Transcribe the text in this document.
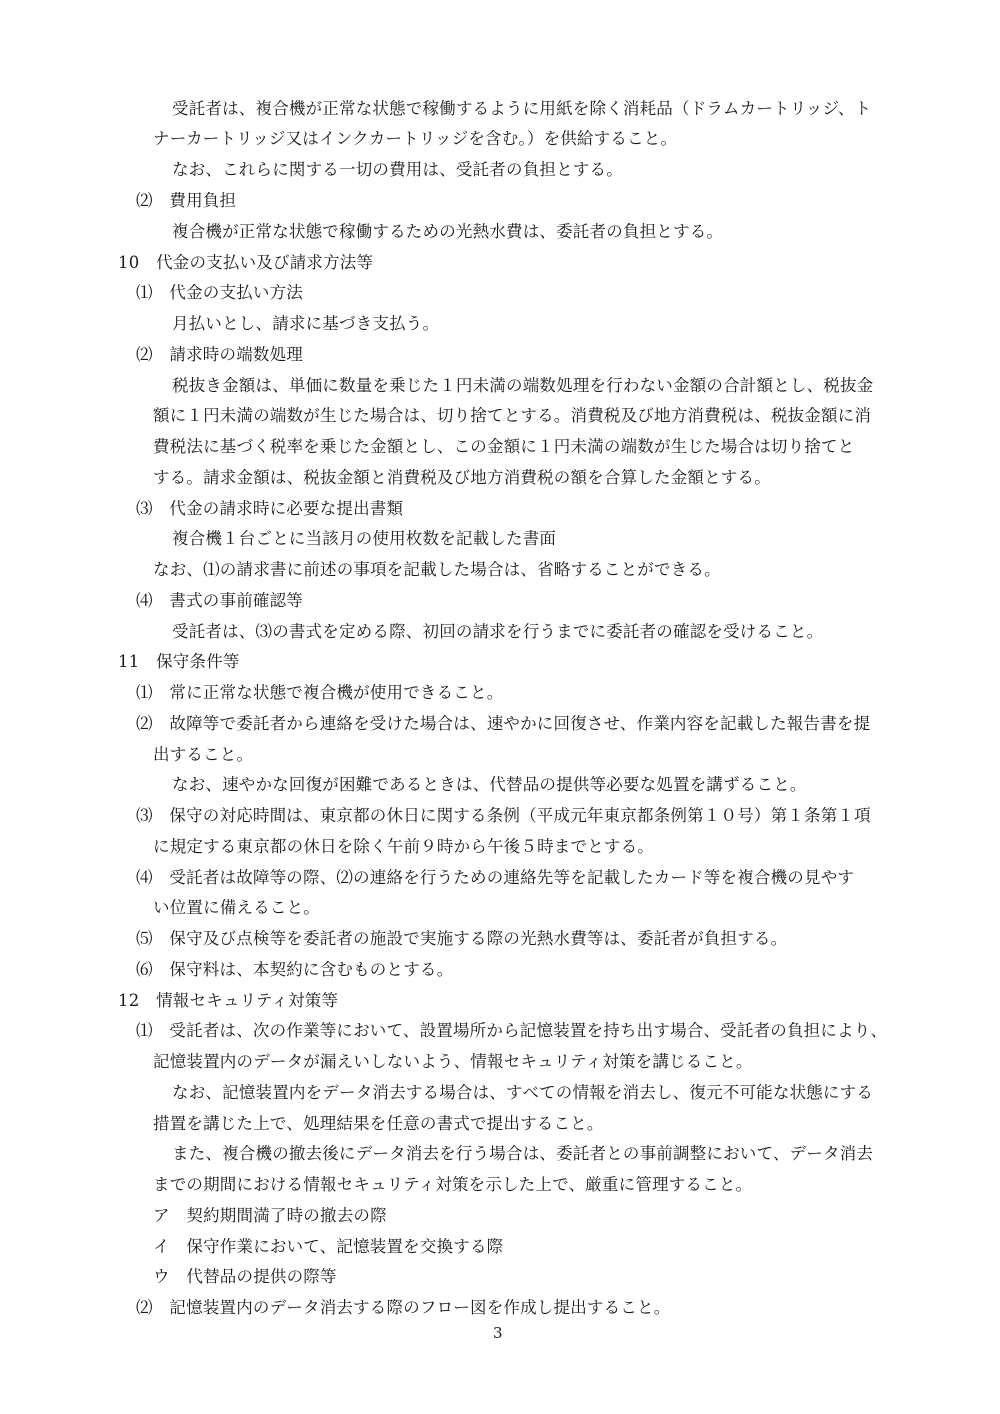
受託者は、複合機が正常な状態で稼働するように用紙を除く消耗品（ドラムカートリッジ、ト
ナーカートリッジ又はインクカートリッジを含む。）を供給すること。
なお、これらに関する一切の費用は、受託者の負担とする。
⑵　費用負担
複合機が正常な状態で稼働するための光熱水費は、委託者の負担とする。
10　代金の支払い及び請求方法等
⑴　代金の支払い方法
月払いとし、請求に基づき支払う。
⑵　請求時の端数処理
税抜き金額は、単価に数量を乗じた１円未満の端数処理を行わない金額の合計額とし、税抜金
額に１円未満の端数が生じた場合は、切り捨てとする。消費税及び地方消費税は、税抜金額に消
費税法に基づく税率を乗じた金額とし、この金額に１円未満の端数が生じた場合は切り捨てと
する。請求金額は、税抜金額と消費税及び地方消費税の額を合算した金額とする。
⑶　代金の請求時に必要な提出書類
複合機１台ごとに当該月の使用枚数を記載した書面
なお、⑴の請求書に前述の事項を記載した場合は、省略することができる。
⑷　書式の事前確認等
受託者は、⑶の書式を定める際、初回の請求を行うまでに委託者の確認を受けること。
11　保守条件等
⑴　常に正常な状態で複合機が使用できること。
⑵　故障等で委託者から連絡を受けた場合は、速やかに回復させ、作業内容を記載した報告書を提
出すること。
なお、速やかな回復が困難であるときは、代替品の提供等必要な処置を講ずること。
⑶　保守の対応時間は、東京都の休日に関する条例（平成元年東京都条例第１０号）第１条第１項
に規定する東京都の休日を除く午前９時から午後５時までとする。
⑷　受託者は故障等の際、⑵の連絡を行うための連絡先等を記載したカード等を複合機の見やす
い位置に備えること。
⑸　保守及び点検等を委託者の施設で実施する際の光熱水費等は、委託者が負担する。
⑹　保守料は、本契約に含むものとする。
12　情報セキュリティ対策等
⑴　受託者は、次の作業等において、設置場所から記憶装置を持ち出す場合、受託者の負担により、
記憶装置内のデータが漏えいしないよう、情報セキュリティ対策を講じること。
なお、記憶装置内をデータ消去する場合は、すべての情報を消去し、復元不可能な状態にする
措置を講じた上で、処理結果を任意の書式で提出すること。
また、複合機の撤去後にデータ消去を行う場合は、委託者との事前調整において、データ消去
までの期間における情報セキュリティ対策を示した上で、厳重に管理すること。
ア　契約期間満了時の撤去の際
イ　保守作業において、記憶装置を交換する際
ウ　代替品の提供の際等
⑵　記憶装置内のデータ消去する際のフロー図を作成し提出すること。
3
